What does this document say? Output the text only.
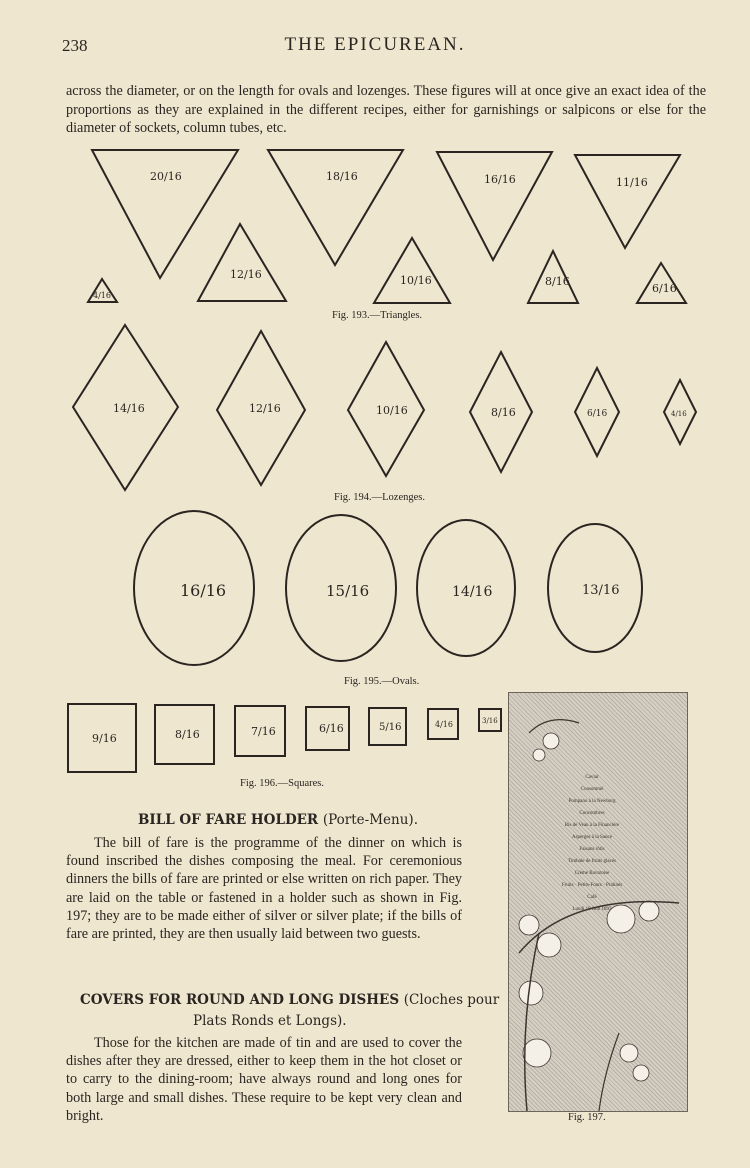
238	THE EPICUREAN.
across the diameter, or on the length for ovals and lozenges. These figures will at once give an exact idea of the proportions as they are explained in the different recipes, either for garnishings or salpicons or else for the diameter of sockets, column tubes, etc.
20/16	18/16	16/16	11/16
12/16	10/16	8/16
6/16
4/16
Fig. 193.—Triangles.
14/16	12/16	10/16	8/16	6/16	4/16
Fig. 194.—Lozenges.
16/16	15/16	14/16	13/16
Fig. 195.—Ovals.
9/16	8/16	7/16	6/16	5/16	4/16	3/16
Fig. 196.—Squares.
BILL OF FARE HOLDER (Porte-Menu).
The bill of fare is the programme of the dinner on which is found inscribed the dishes composing the meal. For ceremonious dinners the bills of fare are printed or else written on rich paper. They are laid on the table or fastened in a holder such as shown in Fig. 197; they are to be made either of silver or silver plate; if the bills of fare are printed, they are then usually laid between two guests.
COVERS FOR ROUND AND LONG DISHES (Cloches pour
Plats Ronds et Longs).
Those for the kitchen are made of tin and are used to cover the dishes after they are dressed, either to keep them in the hot closet or to carry to the dining-room; have always round and long ones for both large and small dishes. These require to be kept very clean and bright.
Caviar
Consommé
Pompano à la Newburg
Concombres
Ris de Veau à la Financière
Asperges à la Sauce
Faisans rôtis
Timbale de fruits glacés
Crème Bavaroise
Fruits · Petits-Fours · Pralinés
Café
Lundi 18 Juin 1893
Fig. 197.
